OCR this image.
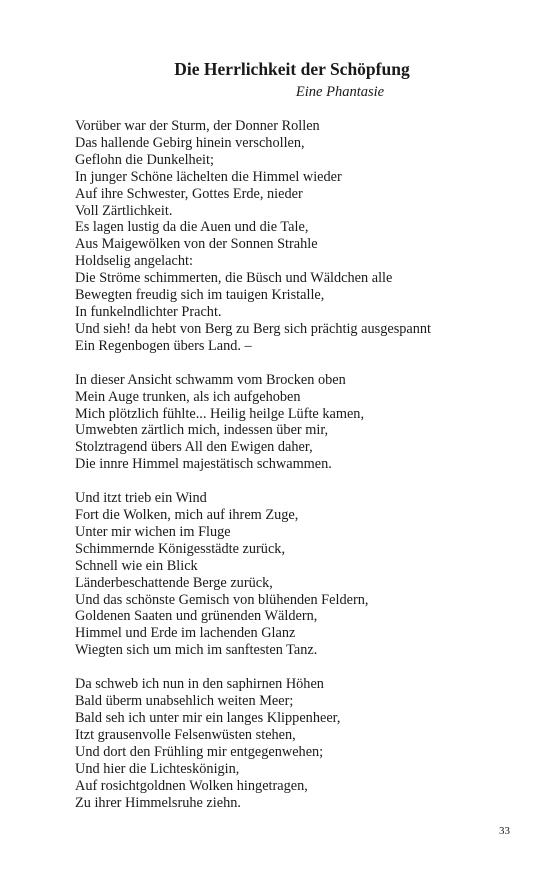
Die Herrlichkeit der Schöpfung
Eine Phantasie
Vorüber war der Sturm, der Donner Rollen
Das hallende Gebirg hinein verschollen,
Geflohn die Dunkelheit;
In junger Schöne lächelten die Himmel wieder
Auf ihre Schwester, Gottes Erde, nieder
Voll Zärtlichkeit.
Es lagen lustig da die Auen und die Tale,
Aus Maigewölken von der Sonnen Strahle
Holdselig angelacht:
Die Ströme schimmerten, die Büsch und Wäldchen alle
Bewegten freudig sich im tauigen Kristalle,
In funkelndlichter Pracht.
Und sieh! da hebt von Berg zu Berg sich prächtig ausgespannt
Ein Regenbogen übers Land. –
In dieser Ansicht schwamm vom Brocken oben
Mein Auge trunken, als ich aufgehoben
Mich plötzlich fühlte... Heilig heilge Lüfte kamen,
Umwebten zärtlich mich, indessen über mir,
Stolztragend übers All den Ewigen daher,
Die innre Himmel majestätisch schwammen.
Und itzt trieb ein Wind
Fort die Wolken, mich auf ihrem Zuge,
Unter mir wichen im Fluge
Schimmernde Königesstädte zurück,
Schnell wie ein Blick
Länderbeschattende Berge zurück,
Und das schönste Gemisch von blühenden Feldern,
Goldenen Saaten und grünenden Wäldern,
Himmel und Erde im lachenden Glanz
Wiegten sich um mich im sanftesten Tanz.
Da schweb ich nun in den saphirnen Höhen
Bald überm unabsehlich weiten Meer;
Bald seh ich unter mir ein langes Klippenheer,
Itzt grausenvolle Felsenwüsten stehen,
Und dort den Frühling mir entgegenwehen;
Und hier die Lichteskönigin,
Auf rosichtgoldnen Wolken hingetragen,
Zu ihrer Himmelsruhe ziehn.
33
